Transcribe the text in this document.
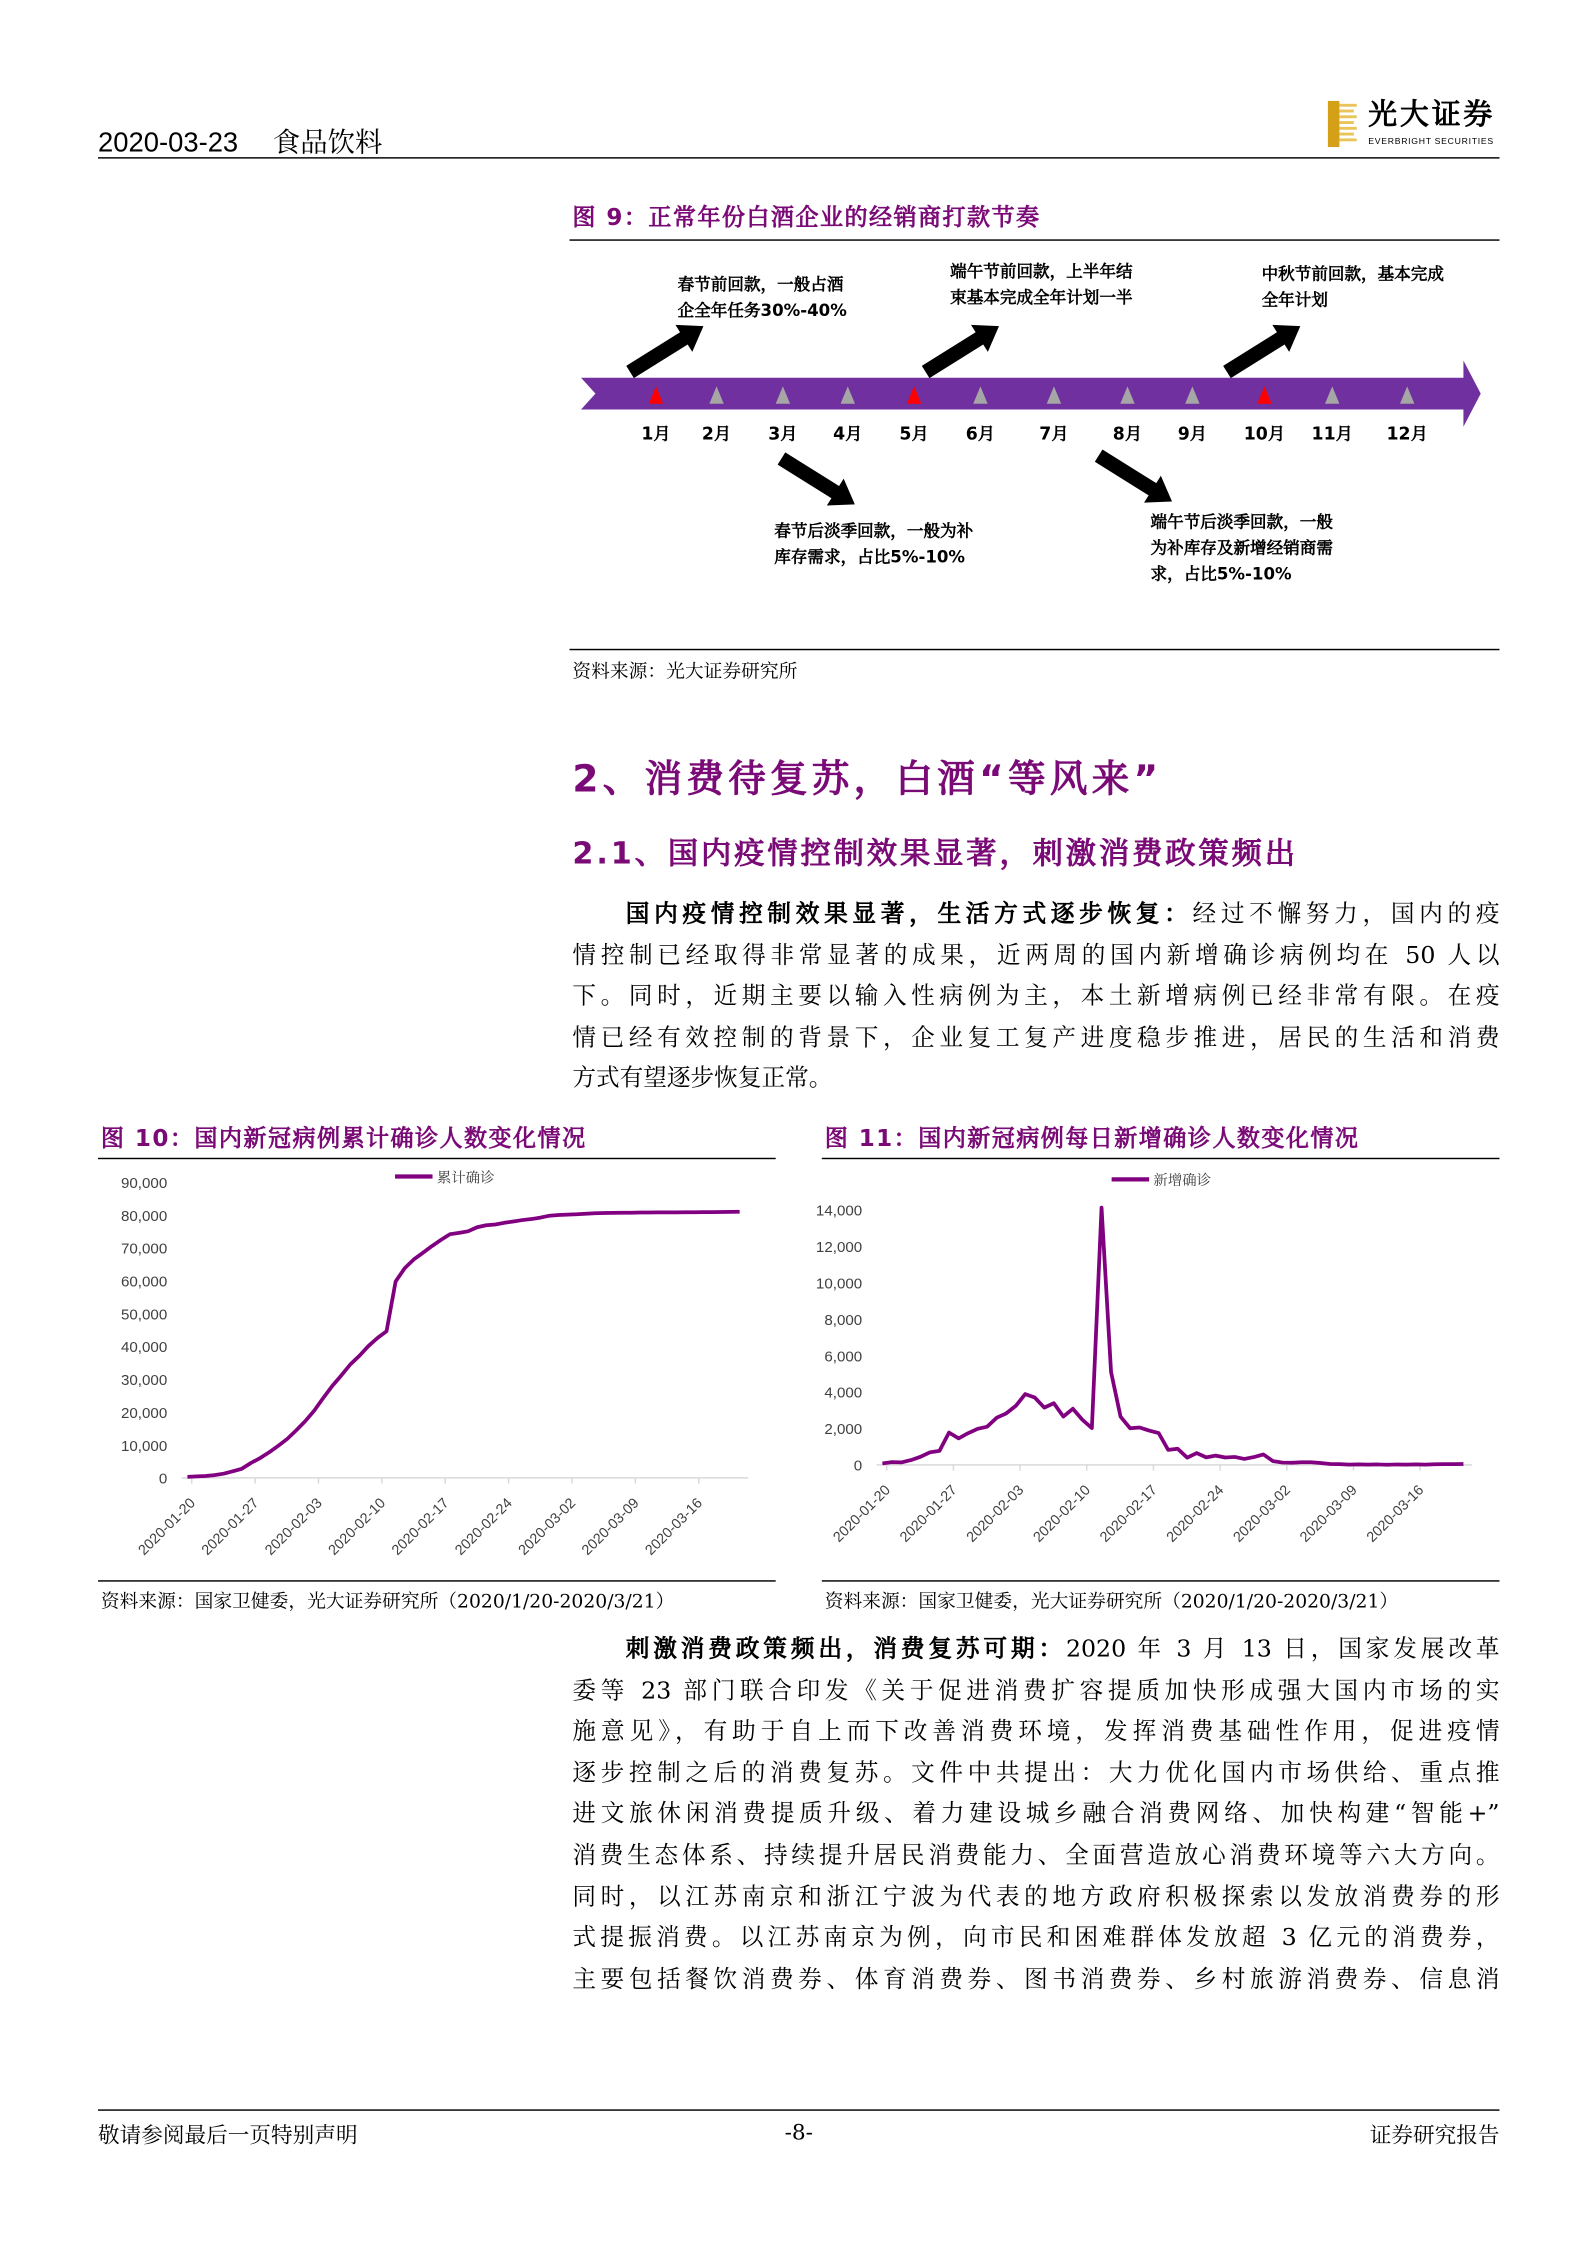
2020-03-23 食品饮料
光大证券
EVERBRIGHT SECURITIES
图 9：正常年份白酒企业的经销商打款节奏
1月	2月	3月	4月	5月	6月	7月	8月	9月	10月 11月	12月
春节前回款，一般占酒
企全年任务30%-40%
端午节前回款，上半年结
束基本完成全年计划一半
中秋节前回款，基本完成
全年计划
春节后淡季回款，一般为补
库存需求，占比5%-10%
端午节后淡季回款，一般
为补库存及新增经销商需
求，占比5%-10%
资料来源：光大证券研究所
2、消费待复苏，白酒“等风来”
2.1、国内疫情控制效果显著，刺激消费政策频出
国内疫情控制效果显著，生活方式逐步恢复：经过不懈努力，国内的疫
情控制已经取得非常显著的成果，近两周的国内新增确诊病例均在 50 人以
下。同时，近期主要以输入性病例为主，本土新增病例已经非常有限。在疫
情已经有效控制的背景下，企业复工复产进度稳步推进，居民的生活和消费
方式有望逐步恢复正常。
图 10：国内新冠病例累计确诊人数变化情况	图 11：国内新冠病例每日新增确诊人数变化情况
0
10,000
20,000
30,000
40,000
50,000
60,000
70,000
80,000
90,000
2020-01-20 2020-01-27 2020-02-03 2020-02-10 2020-02-17 2020-02-24 2020-03-02 2020-03-09 2020-03-16
累计确诊
0
2,000
4,000
6,000
8,000
10,000
12,000
14,000
2020-01-20 2020-01-27 2020-02-03 2020-02-10 2020-02-17 2020-02-24 2020-03-02 2020-03-09 2020-03-16
新增确诊
资料来源：国家卫健委，光大证券研究所（2020/1/20-2020/3/21）	资料来源：国家卫健委，光大证券研究所（2020/1/20-2020/3/21）
刺激消费政策频出，消费复苏可期：2020 年 3 月 13 日，国家发展改革
委等 23 部门联合印发《关于促进消费扩容提质加快形成强大国内市场的实
施意见》，有助于自上而下改善消费环境，发挥消费基础性作用，促进疫情
逐步控制之后的消费复苏。文件中共提出：大力优化国内市场供给、重点推
进文旅休闲消费提质升级、着力建设城乡融合消费网络、加快构建“智能+”
消费生态体系、持续提升居民消费能力、全面营造放心消费环境等六大方向。
同时，以江苏南京和浙江宁波为代表的地方政府积极探索以发放消费券的形
式提振消费。以江苏南京为例，向市民和困难群体发放超 3 亿元的消费券，
主要包括餐饮消费券、体育消费券、图书消费券、乡村旅游消费券、信息消
敬请参阅最后一页特别声明	-8-	证券研究报告
